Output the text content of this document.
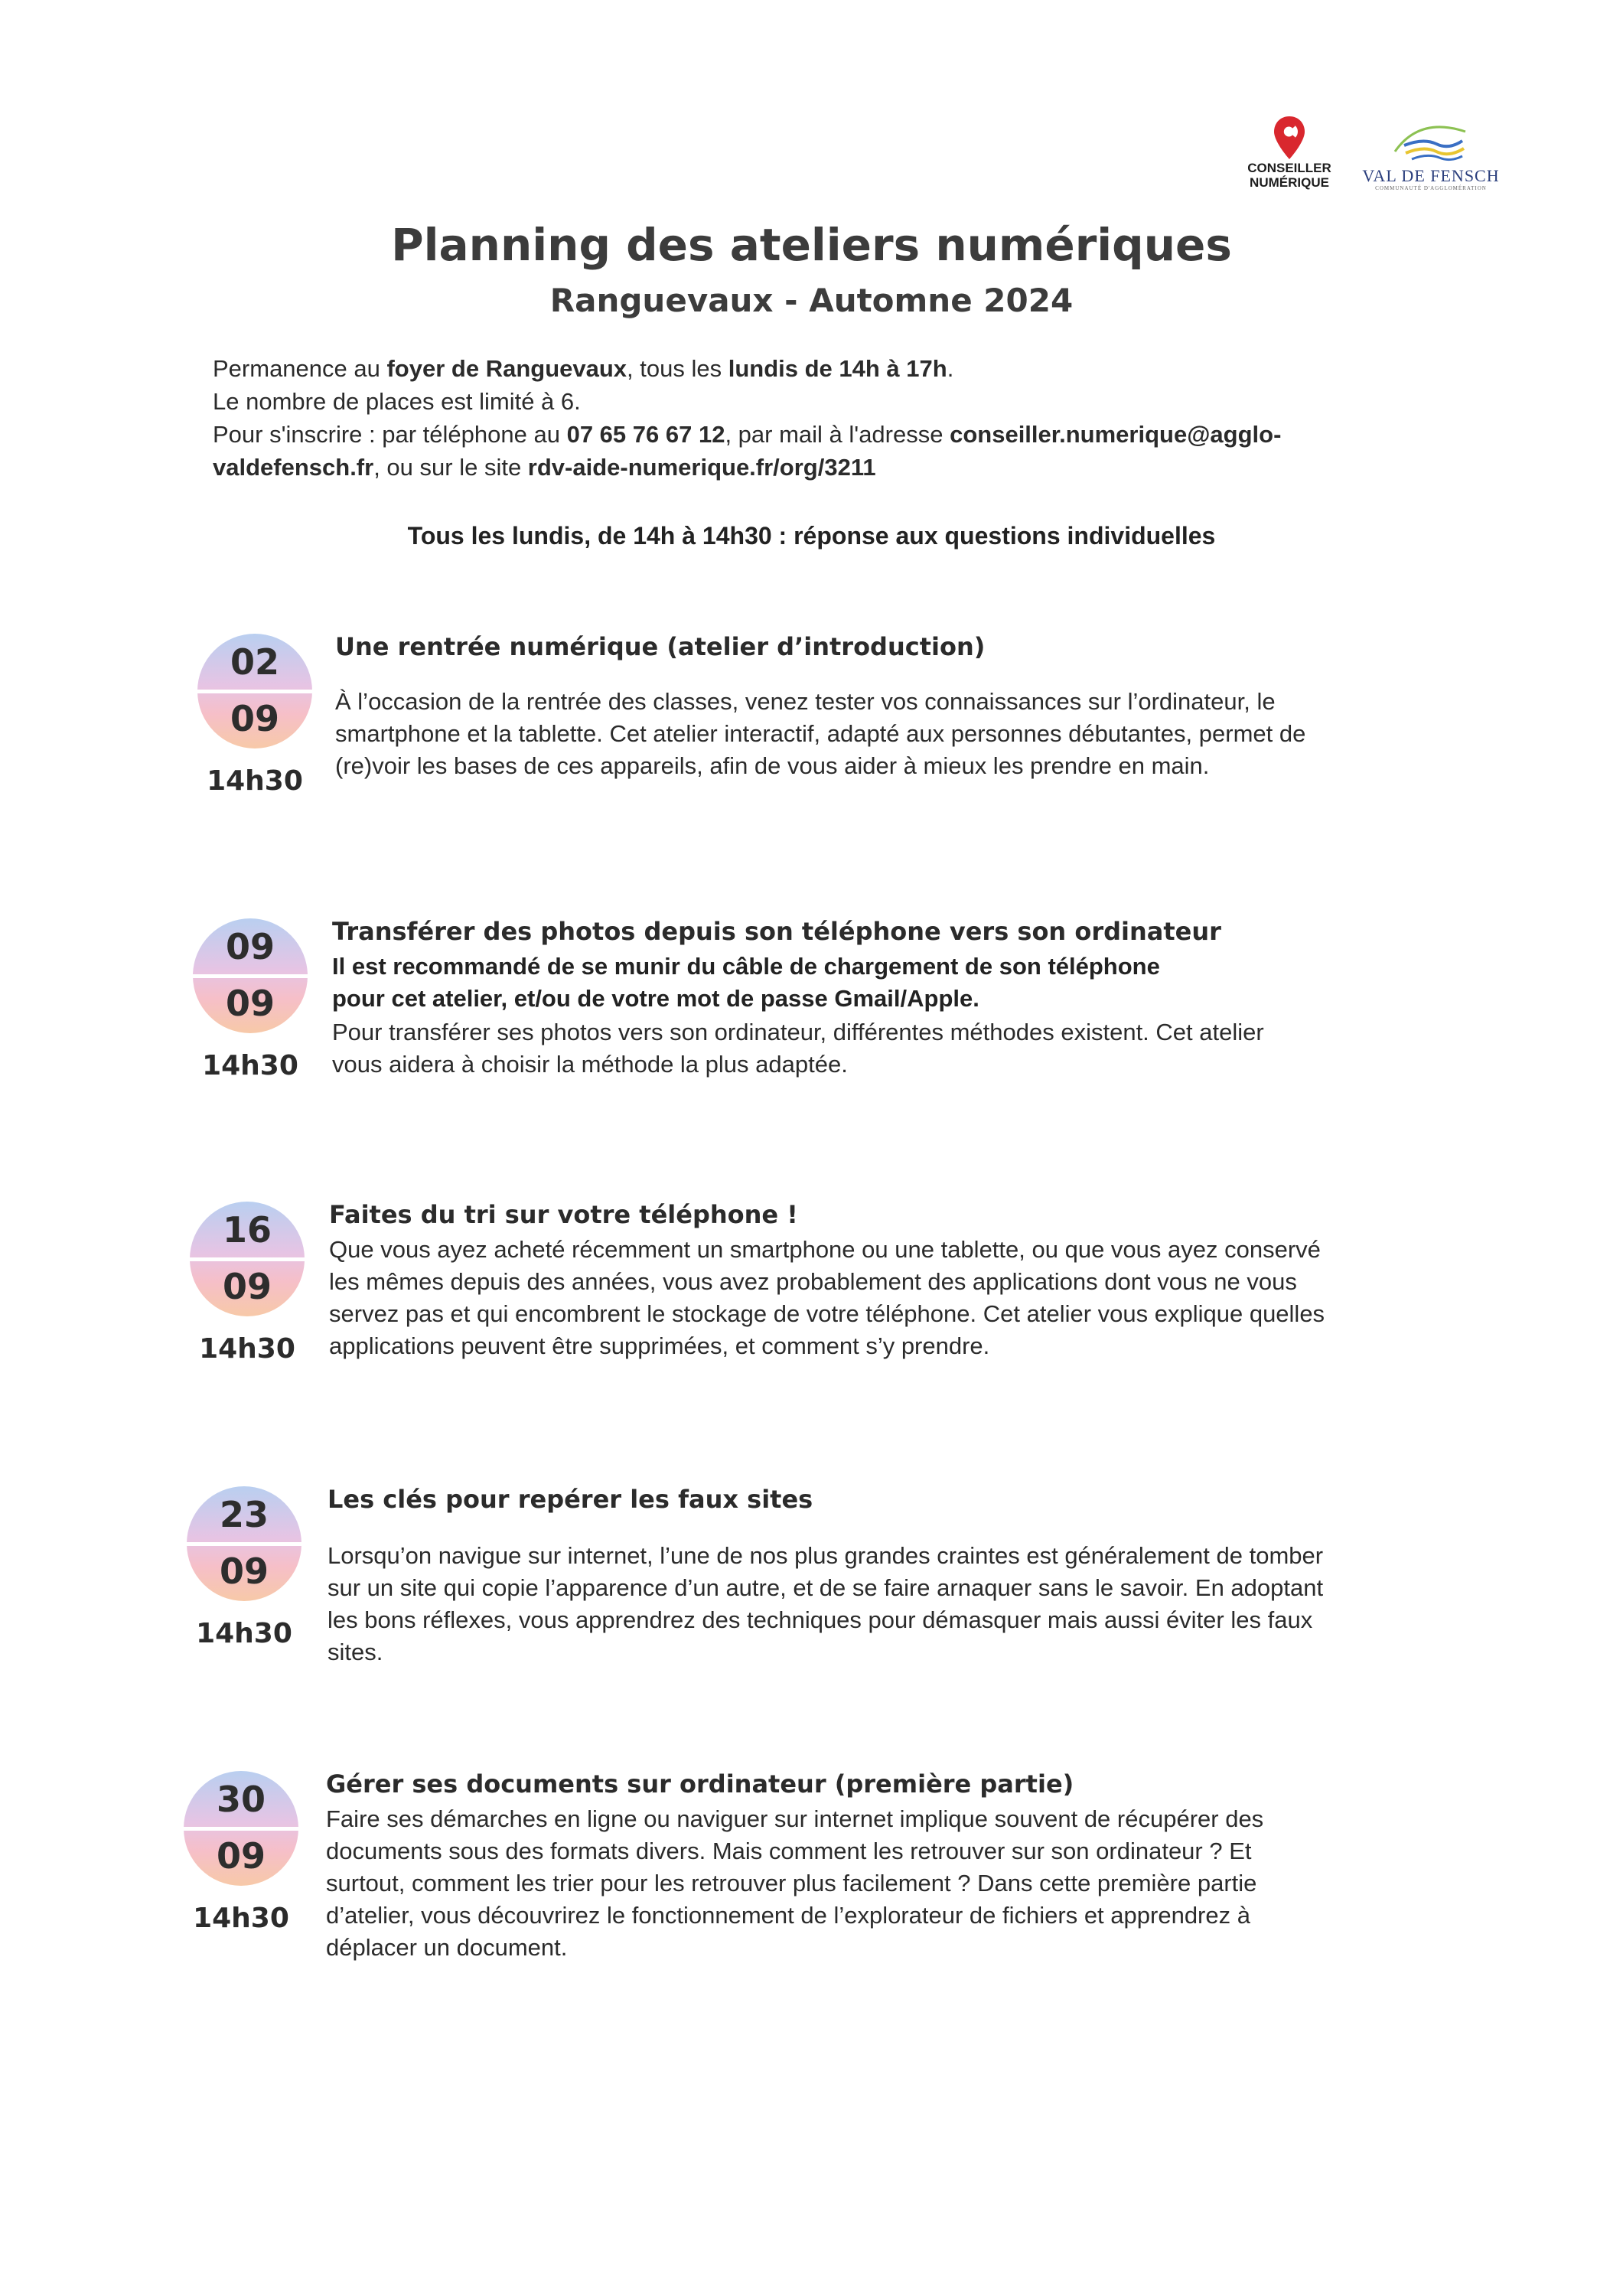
CONSEILLER
NUMÉRIQUE	VAL DE FENSCH
COMMUNAUTÉ D'AGGLOMÉRATION
Planning des ateliers numériques
Ranguevaux - Automne 2024

Permanence au foyer de Ranguevaux, tous les lundis de 14h à 17h.

Le nombre de places est limité à 6.

Pour s'inscrire : par téléphone au 07 65 76 67 12, par mail à l'adresse conseiller.numerique@agglo-

valdefensch.fr, ou sur le site rdv-aide-numerique.fr/org/3211

Tous les lundis, de 14h à 14h30 : réponse aux questions individuelles
02
09
14h30
Une rentrée numérique (atelier d’introduction)
À l’occasion de la rentrée des classes, venez tester vos connaissances sur l’ordinateur, le
smartphone et la tablette. Cet atelier interactif, adapté aux personnes débutantes, permet de
(re)voir les bases de ces appareils, afin de vous aider à mieux les prendre en main.
09
09
14h30
Transférer des photos depuis son téléphone vers son ordinateur
Il est recommandé de se munir du câble de chargement de son téléphone
pour cet atelier, et/ou de votre mot de passe Gmail/Apple.
Pour transférer ses photos vers son ordinateur, différentes méthodes existent. Cet atelier
vous aidera à choisir la méthode la plus adaptée.
16
09
14h30
Faites du tri sur votre téléphone !
Que vous ayez acheté récemment un smartphone ou une tablette, ou que vous ayez conservé
les mêmes depuis des années, vous avez probablement des applications dont vous ne vous
servez pas et qui encombrent le stockage de votre téléphone. Cet atelier vous explique quelles
applications peuvent être supprimées, et comment s’y prendre.
23
09
14h30
Les clés pour repérer les faux sites
Lorsqu’on navigue sur internet, l’une de nos plus grandes craintes est généralement de tomber
sur un site qui copie l’apparence d’un autre, et de se faire arnaquer sans le savoir. En adoptant
les bons réflexes, vous apprendrez des techniques pour démasquer mais aussi éviter les faux
sites.
30
09
14h30
Gérer ses documents sur ordinateur (première partie)
Faire ses démarches en ligne ou naviguer sur internet implique souvent de récupérer des
documents sous des formats divers. Mais comment les retrouver sur son ordinateur ? Et
surtout, comment les trier pour les retrouver plus facilement ? Dans cette première partie
d’atelier, vous découvrirez le fonctionnement de l’explorateur de fichiers et apprendrez à
déplacer un document.
